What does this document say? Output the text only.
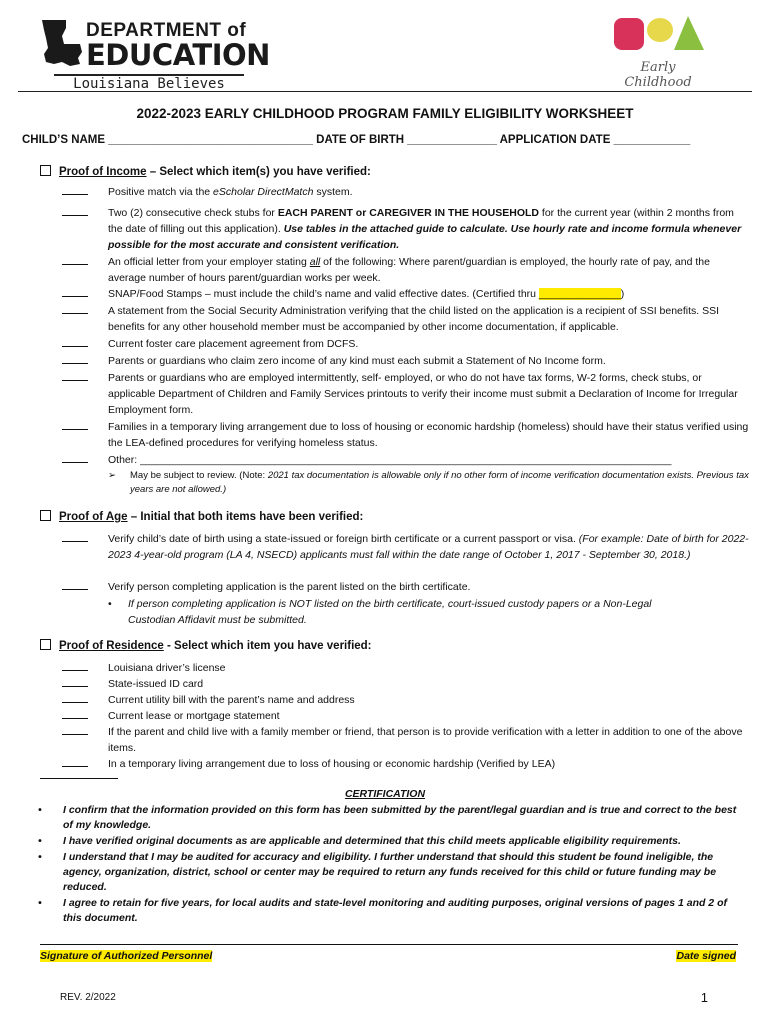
DEPARTMENT of
EDUCATION
Louisiana Believes
Early Childhood
2022-2023 EARLY CHILDHOOD PROGRAM FAMILY ELIGIBILITY WORKSHEET
CHILD’S NAME ________________________________ DATE OF BIRTH ______________ APPLICATION DATE ____________
Proof of Income – Select which item(s) you have verified:
Positive match via the eScholar DirectMatch system.
Two (2) consecutive check stubs for EACH PARENT or CAREGIVER IN THE HOUSEHOLD for the current year (within 2 months from the date of filling out this application). Use tables in the attached guide to calculate. Use hourly rate and income formula whenever possible for the most accurate and consistent verification.
An official letter from your employer stating all of the following: Where parent/guardian is employed, the hourly rate of pay, and the average number of hours parent/guardian works per week.
SNAP/Food Stamps – must include the child’s name and valid effective dates. (Certified thru ______________)
A statement from the Social Security Administration verifying that the child listed on the application is a recipient of SSI benefits. SSI benefits for any other household member must be accompanied by other income documentation, if applicable.
Current foster care placement agreement from DCFS.
Parents or guardians who claim zero income of any kind must each submit a Statement of No Income form.
Parents or guardians who are employed intermittently, self- employed, or who do not have tax forms, W-2 forms, check stubs, or applicable Department of Children and Family Services printouts to verify their income must submit a Declaration of Income for Irregular Employment form.
Families in a temporary living arrangement due to loss of housing or economic hardship (homeless) should have their status verified using the LEA-defined procedures for verifying homeless status.
Other: ___________________________________________________________________________________________
➢	May be subject to review. (Note: 2021 tax documentation is allowable only if no other form of income verification documentation exists. Previous tax years are not allowed.)
Proof of Age – Initial that both items have been verified:
Verify child’s date of birth using a state-issued or foreign birth certificate or a current passport or visa. (For example: Date of birth for 2022-2023 4-year-old program (LA 4, NSECD) applicants must fall within the date range of October 1, 2017 - September 30, 2018.)
Verify person completing application is the parent listed on the birth certificate.
•	If person completing application is NOT listed on the birth certificate, court-issued custody papers or a Non-Legal Custodian Affidavit must be submitted.
Proof of Residence - Select which item you have verified:
Louisiana driver’s license
State-issued ID card
Current utility bill with the parent’s name and address
Current lease or mortgage statement
If the parent and child live with a family member or friend, that person is to provide verification with a letter in addition to one of the above items.
In a temporary living arrangement due to loss of housing or economic hardship (Verified by LEA)
CERTIFICATION
• I confirm that the information provided on this form has been submitted by the parent/legal guardian and is true and correct to the best of my knowledge.
• I have verified original documents as are applicable and determined that this child meets applicable eligibility requirements.
• I understand that I may be audited for accuracy and eligibility. I further understand that should this student be found ineligible, the agency, organization, district, school or center may be required to return any funds received for this child or future funding may be reduced.
• I agree to retain for five years, for local audits and state-level monitoring and auditing purposes, original versions of pages 1 and 2 of this document.
Signature of Authorized Personnel	Date signed
REV. 2/2022	1
